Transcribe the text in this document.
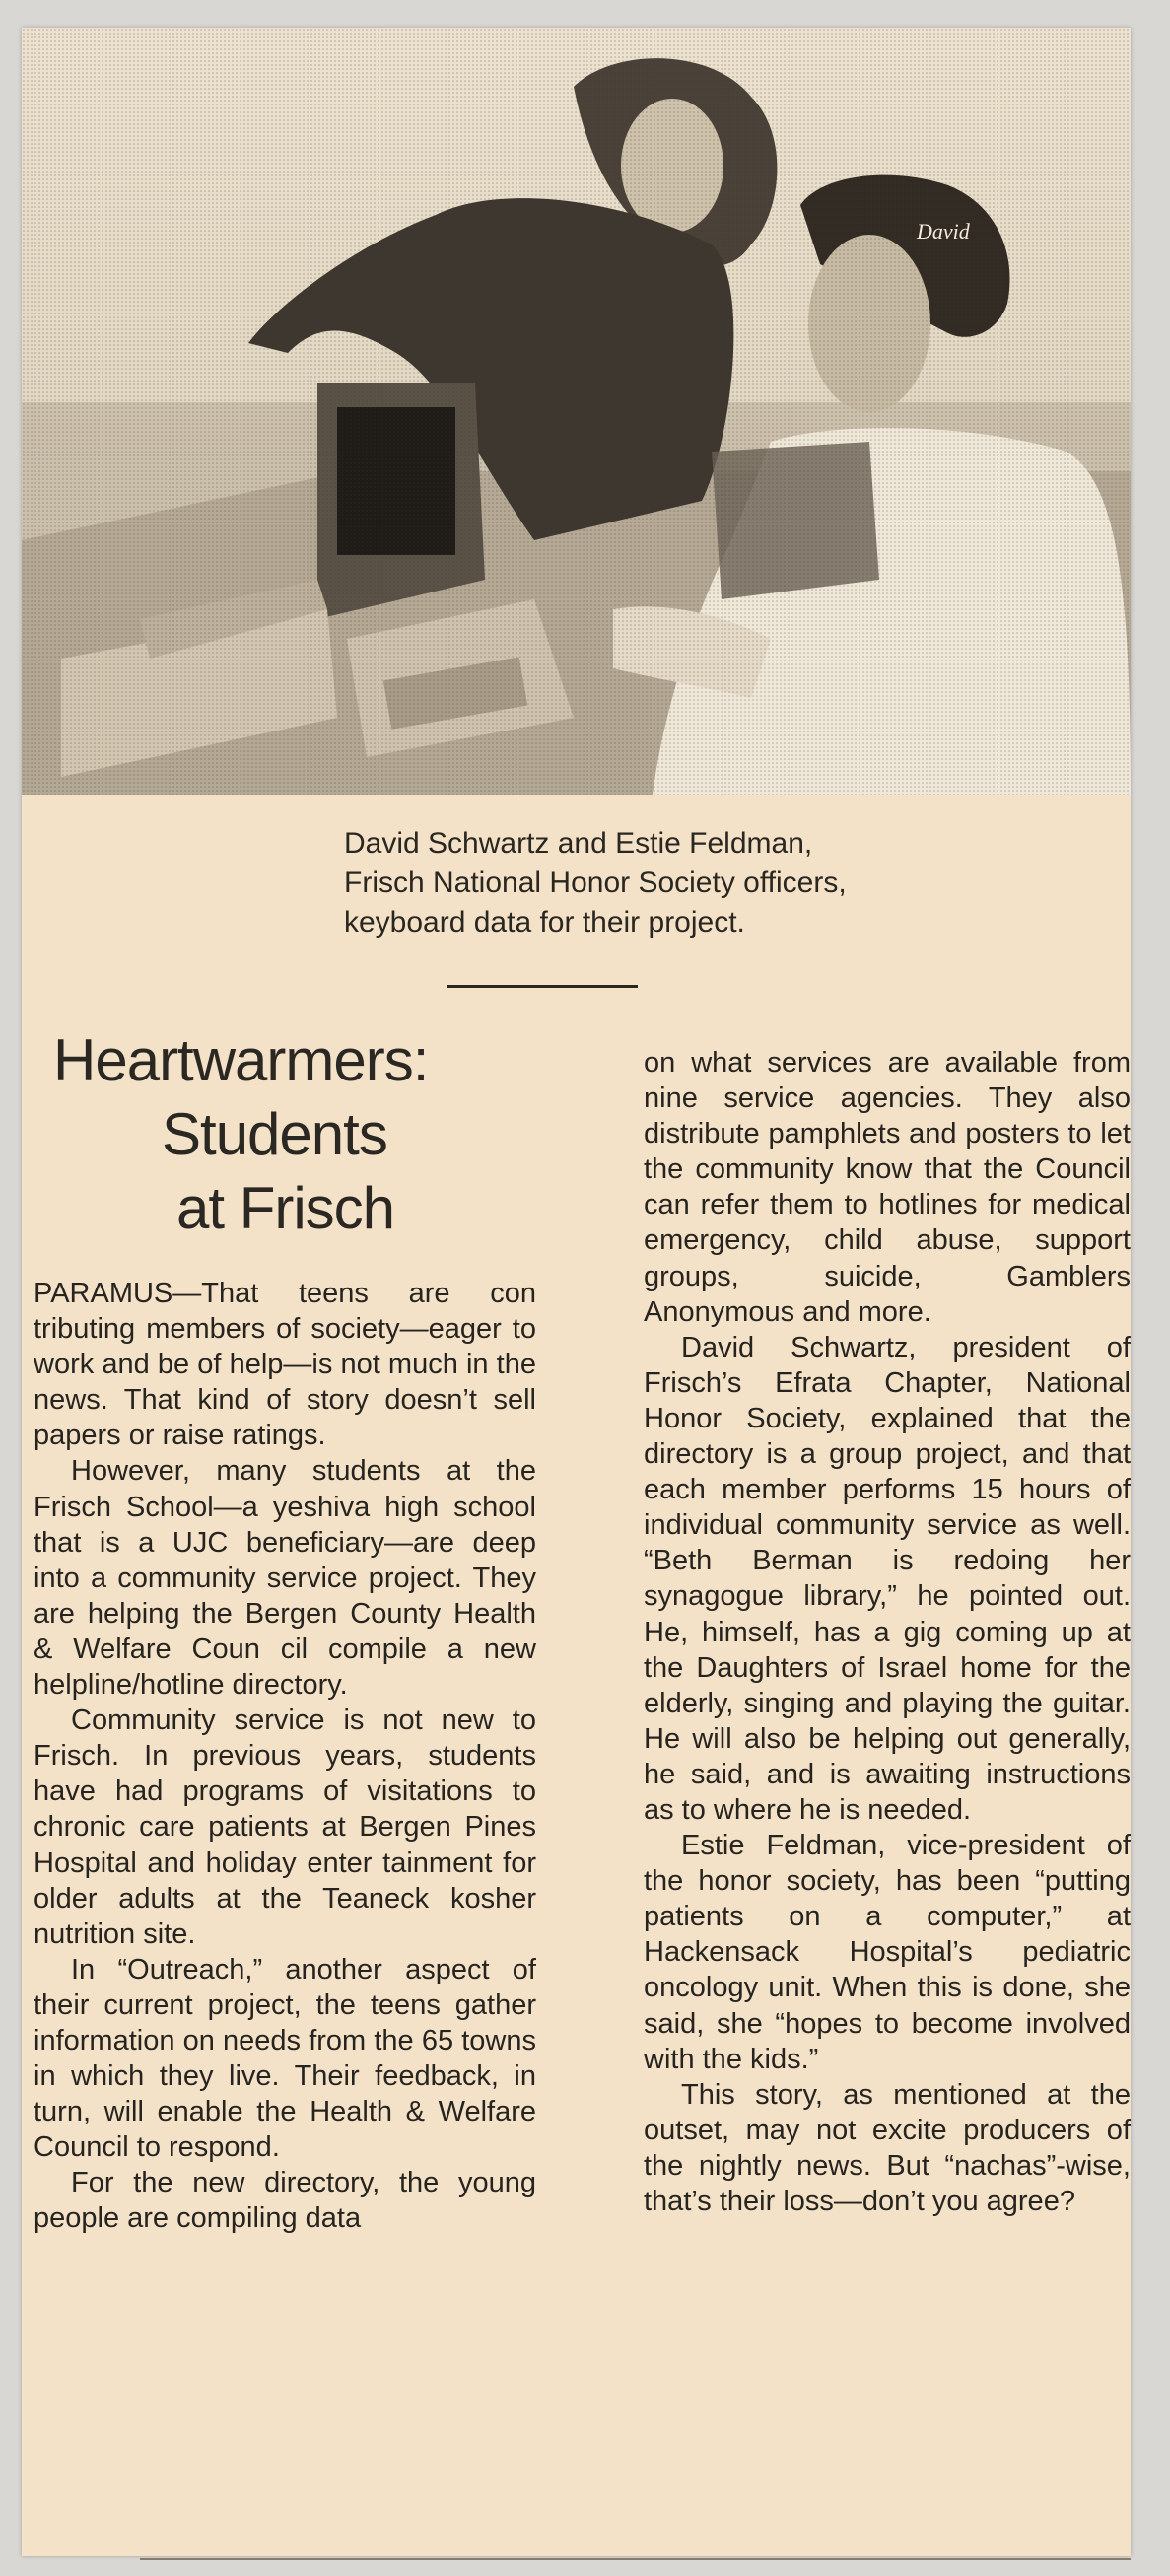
David
David Schwartz and Estie Feldman, Frisch National Honor Society officers, keyboard data for their project.
Heartwarmers:
Students
at Frisch

PARAMUS—That teens are con tributing members of society—eager to work and be of help—is not much in the news. That kind of story doesn’t sell papers or raise ratings.

However, many students at the Frisch School—a yeshiva high school that is a UJC beneficiary—are deep into a community service project. They are helping the Bergen County Health & Welfare Coun cil compile a new helpline/hotline directory.

Community service is not new to Frisch. In previous years, students have had programs of visitations to chronic care patients at Bergen Pines Hospital and holiday enter tainment for older adults at the Teaneck kosher nutrition site.

In “Outreach,” another aspect of their current project, the teens gather information on needs from the 65 towns in which they live. Their feedback, in turn, will enable the Health & Welfare Council to respond.

For the new directory, the young people are compiling data

on what services are available from nine service agencies. They also distribute pamphlets and posters to let the community know that the Council can refer them to hotlines for medical emergency, child abuse, support groups, suicide, Gamblers Anonymous and more.

David Schwartz, president of Frisch’s Efrata Chapter, National Honor Society, explained that the directory is a group project, and that each member performs 15 hours of individual community service as well. “Beth Berman is redoing her synagogue library,” he pointed out. He, himself, has a gig coming up at the Daughters of Israel home for the elderly, singing and playing the guitar. He will also be helping out generally, he said, and is awaiting instructions as to where he is needed.

Estie Feldman, vice-president of the honor society, has been “putting patients on a computer,” at Hackensack Hospital’s pediatric oncology unit. When this is done, she said, she “hopes to become involved with the kids.”

This story, as mentioned at the outset, may not excite producers of the nightly news. But “nachas”-wise, that’s their loss—don’t you agree?
